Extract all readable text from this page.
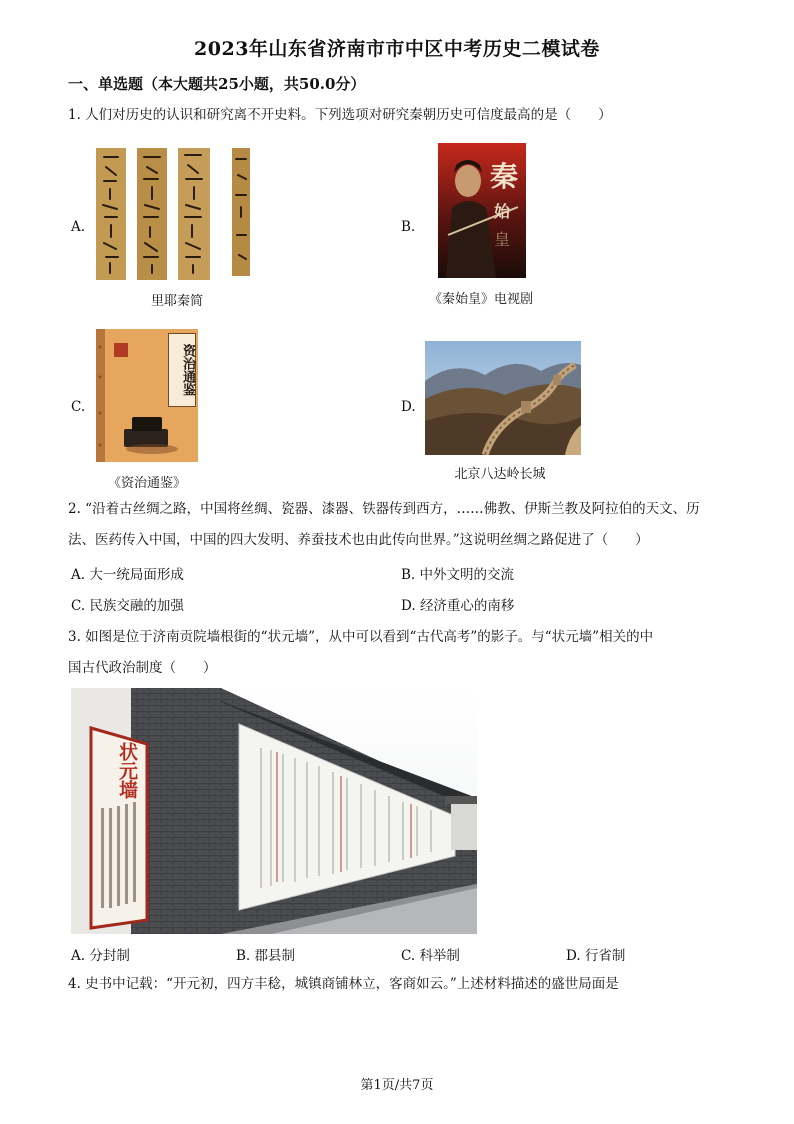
2023年山东省济南市市中区中考历史二模试卷
一、单选题（本大题共25小题，共50.0分）
1. 人们对历史的认识和研究离不开史料。下列选项对研究秦朝历史可信度最高的是（　　）
A.
里耶秦简
B.
秦
始
皇
《秦始皇》电视剧
C.
资治通鉴
《资治通鉴》
D.
北京八达岭长城
2. “沿着古丝绸之路，中国将丝绸、瓷器、漆器、铁器传到西方，……佛教、伊斯兰教及阿拉伯的天文、历
法、医药传入中国，中国的四大发明、养蚕技术也由此传向世界。”这说明丝绸之路促进了（　　）
A. 大一统局面形成	B. 中外文明的交流
C. 民族交融的加强	D. 经济重心的南移
3. 如图是位于济南贡院墙根街的“状元墙”，从中可以看到“古代高考”的影子。与“状元墙”相关的中
国古代政治制度（　　）
状元墙
A. 分封制	B. 郡县制	C. 科举制	D. 行省制
4. 史书中记载：“开元初，四方丰稔，城镇商铺林立，客商如云。”上述材料描述的盛世局面是
第1页/共7页
